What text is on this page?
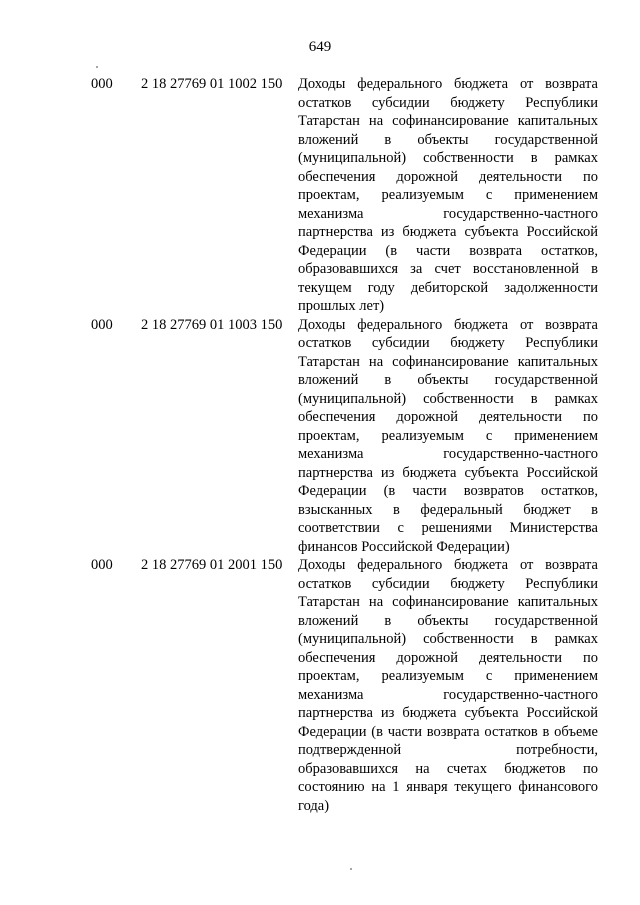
649
000 2 18 27769 01 1002 150 Доходы федерального бюджета от возврата
остатков субсидии бюджету Республики
Татарстан на софинансирование капитальных
вложений в объекты государственной
(муниципальной) собственности в рамках
обеспечения дорожной деятельности по
проектам, реализуемым с применением
механизма государственно-частного
партнерства из бюджета субъекта Российской
Федерации (в части возврата остатков,
образовавшихся за счет восстановленной в
текущем году дебиторской задолженности
прошлых лет)
000 2 18 27769 01 1003 150 Доходы федерального бюджета от возврата
остатков субсидии бюджету Республики
Татарстан на софинансирование капитальных
вложений в объекты государственной
(муниципальной) собственности в рамках
обеспечения дорожной деятельности по
проектам, реализуемым с применением
механизма государственно-частного
партнерства из бюджета субъекта Российской
Федерации (в части возвратов остатков,
взысканных в федеральный бюджет в
соответствии с решениями Министерства
финансов Российской Федерации)
000 2 18 27769 01 2001 150 Доходы федерального бюджета от возврата
остатков субсидии бюджету Республики
Татарстан на софинансирование капитальных
вложений в объекты государственной
(муниципальной) собственности в рамках
обеспечения дорожной деятельности по
проектам, реализуемым с применением
механизма государственно-частного
партнерства из бюджета субъекта Российской
Федерации (в части возврата остатков в объеме
подтвержденной потребности,
образовавшихся на счетах бюджетов по
состоянию на 1 января текущего финансового
года)
